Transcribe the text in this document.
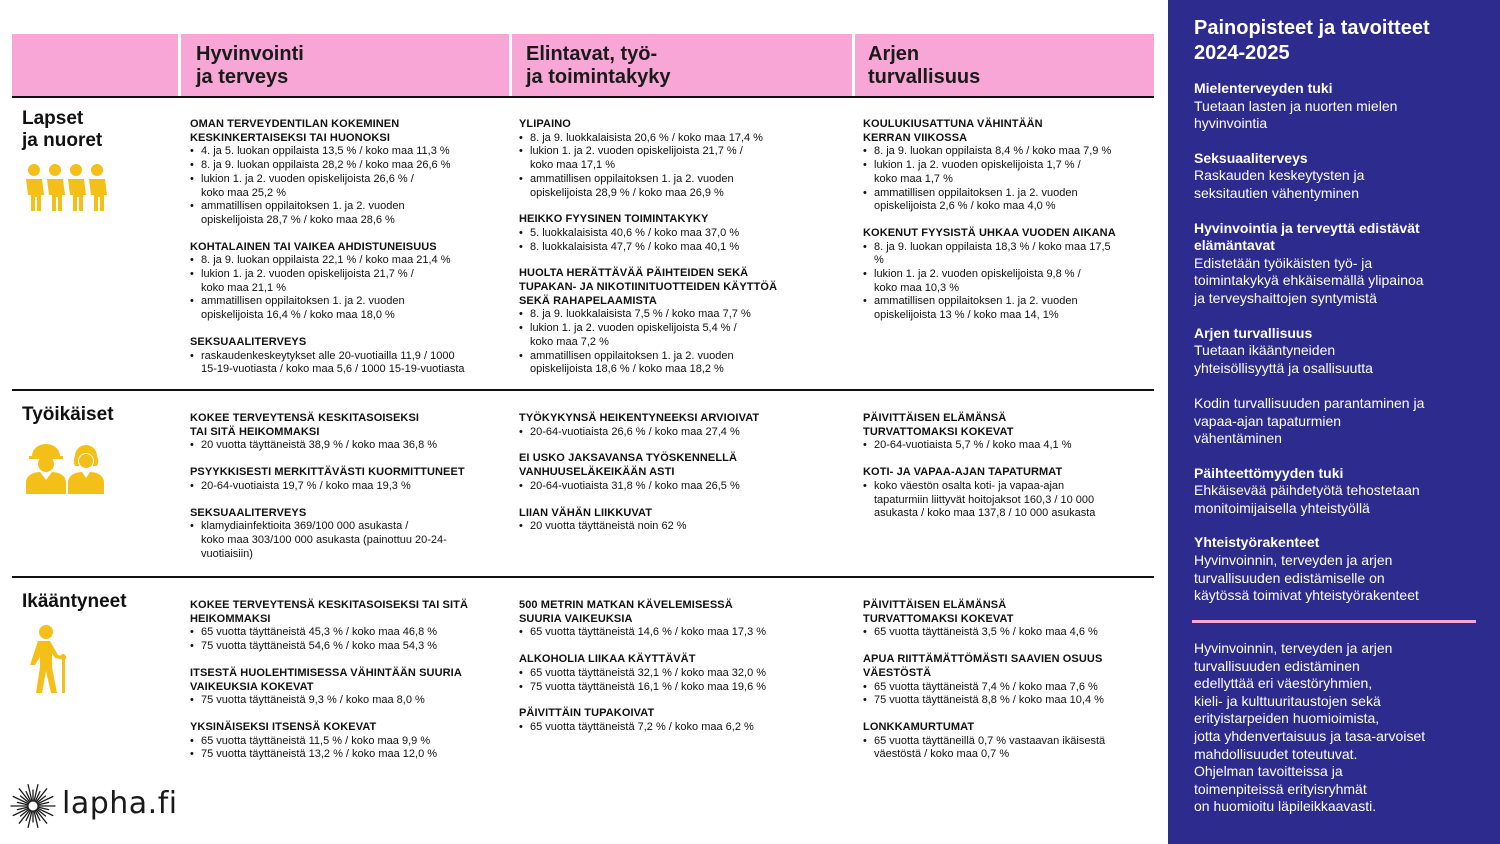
Hyvinvointi
ja terveys
Elintavat, työ-
ja toimintakyky
Arjen
turvallisuus
Lapset
ja nuoret
Työikäiset
Ikääntyneet
OMAN TERVEYDENTILAN KOKEMINEN
KESKINKERTAISEKSI TAI HUONOKSI
• 4. ja 5. luokan oppilaista 13,5 % / koko maa 11,3 %
• 8. ja 9. luokan oppilaista 28,2 % / koko maa 26,6 %
• lukion 1. ja 2. vuoden opiskelijoista 26,6 % /
koko maa 25,2 %
• ammatillisen oppilaitoksen 1. ja 2. vuoden
opiskelijoista 28,7 % / koko maa 28,6 %
KOHTALAINEN TAI VAIKEA AHDISTUNEISUUS
• 8. ja 9. luokan oppilaista 22,1 % / koko maa 21,4 %
• lukion 1. ja 2. vuoden opiskelijoista 21,7 % /
koko maa 21,1 %
• ammatillisen oppilaitoksen 1. ja 2. vuoden
opiskelijoista 16,4 % / koko maa 18,0 %
SEKSUAALITERVEYS
• raskaudenkeskeytykset alle 20-vuotiailla 11,9 / 1000
15-19-vuotiasta / koko maa 5,6 / 1000 15-19-vuotiasta
YLIPAINO
• 8. ja 9. luokkalaisista 20,6 % / koko maa 17,4 %
• lukion 1. ja 2. vuoden opiskelijoista 21,7 % /
koko maa 17,1 %
• ammatillisen oppilaitoksen 1. ja 2. vuoden
opiskelijoista 28,9 % / koko maa 26,9 %
HEIKKO FYYSINEN TOIMINTAKYKY
• 5. luokkalaisista 40,6 % / koko maa 37,0 %
• 8. luokkalaisista 47,7 % / koko maa 40,1 %
HUOLTA HERÄTTÄVÄÄ PÄIHTEIDEN SEKÄ
TUPAKAN- JA NIKOTIINITUOTTEIDEN KÄYTTÖÄ
SEKÄ RAHAPELAAMISTA
• 8. ja 9. luokkalaisista 7,5 % / koko maa 7,7 %
• lukion 1. ja 2. vuoden opiskelijoista 5,4 % /
koko maa 7,2 %
• ammatillisen oppilaitoksen 1. ja 2. vuoden
opiskelijoista 18,6 % / koko maa 18,2 %
KOULUKIUSATTUNA VÄHINTÄÄN
KERRAN VIIKOSSA
• 8. ja 9. luokan oppilaista 8,4 % / koko maa 7,9 %
• lukion 1. ja 2. vuoden opiskelijoista 1,7 % /
koko maa 1,7 %
• ammatillisen oppilaitoksen 1. ja 2. vuoden
opiskelijoista 2,6 % / koko maa 4,0 %
KOKENUT FYYSISTÄ UHKAA VUODEN AIKANA
• 8. ja 9. luokan oppilaista 18,3 % / koko maa 17,5
%
• lukion 1. ja 2. vuoden opiskelijoista 9,8 % /
koko maa 10,3 %
• ammatillisen oppilaitoksen 1. ja 2. vuoden
opiskelijoista 13 % / koko maa 14, 1%
KOKEE TERVEYTENSÄ KESKITASOISEKSI
TAI SITÄ HEIKOMMAKSI
• 20 vuotta täyttäneistä 38,9 % / koko maa 36,8 %
PSYYKKISESTI MERKITTÄVÄSTI KUORMITTUNEET
• 20-64-vuotiaista 19,7 % / koko maa 19,3 %
SEKSUAALITERVEYS
• klamydiainfektioita 369/100 000 asukasta /
koko maa 303/100 000 asukasta (painottuu 20-24-
vuotiaisiin)
TYÖKYKYNSÄ HEIKENTYNEEKSI ARVIOIVAT
• 20-64-vuotiaista 26,6 % / koko maa 27,4 %
EI USKO JAKSAVANSA TYÖSKENNELLÄ
VANHUUSELÄKEIKÄÄN ASTI
• 20-64-vuotiaista 31,8 % / koko maa 26,5 %
LIIAN VÄHÄN LIIKKUVAT
• 20 vuotta täyttäneistä noin 62 %
PÄIVITTÄISEN ELÄMÄNSÄ
TURVATTOMAKSI KOKEVAT
• 20-64-vuotiaista 5,7 % / koko maa 4,1 %
KOTI- JA VAPAA-AJAN TAPATURMAT
• koko väestön osalta koti- ja vapaa-ajan
tapaturmiin liittyvät hoitojaksot 160,3 / 10 000
asukasta / koko maa 137,8 / 10 000 asukasta
KOKEE TERVEYTENSÄ KESKITASOISEKSI TAI SITÄ
HEIKOMMAKSI
• 65 vuotta täyttäneistä 45,3 % / koko maa 46,8 %
• 75 vuotta täyttäneistä 54,6 % / koko maa 54,3 %
ITSESTÄ HUOLEHTIMISESSA VÄHINTÄÄN SUURIA
VAIKEUKSIA KOKEVAT
• 75 vuotta täyttäneistä 9,3 % / koko maa 8,0 %
YKSINÄISEKSI ITSENSÄ KOKEVAT
• 65 vuotta täyttäneistä 11,5 % / koko maa 9,9 %
• 75 vuotta täyttäneistä 13,2 % / koko maa 12,0 %
500 METRIN MATKAN KÄVELEMISESSÄ
SUURIA VAIKEUKSIA
• 65 vuotta täyttäneistä 14,6 % / koko maa 17,3 %
ALKOHOLIA LIIKAA KÄYTTÄVÄT
• 65 vuotta täyttäneistä 32,1 % / koko maa 32,0 %
• 75 vuotta täyttäneistä 16,1 % / koko maa 19,6 %
PÄIVITTÄIN TUPAKOIVAT
• 65 vuotta täyttäneistä 7,2 % / koko maa 6,2 %
PÄIVITTÄISEN ELÄMÄNSÄ
TURVATTOMAKSI KOKEVAT
• 65 vuotta täyttäneistä 3,5 % / koko maa 4,6 %
APUA RIITTÄMÄTTÖMÄSTI SAAVIEN OSUUS
VÄESTÖSTÄ
• 65 vuotta täyttäneistä 7,4 % / koko maa 7,6 %
• 75 vuotta täyttäneistä 8,8 % / koko maa 10,4 %
LONKKAMURTUMAT
• 65 vuotta täyttäneillä 0,7 % vastaavan ikäisestä
väestöstä / koko maa 0,7 %
lapha.fi
Painopisteet ja tavoitteet
2024-2025
Mielenterveyden tuki
Tuetaan lasten ja nuorten mielen
hyvinvointia
Seksuaaliterveys
Raskauden keskeytysten ja
seksitautien vähentyminen
Hyvinvointia ja terveyttä edistävät
elämäntavat
Edistetään työikäisten työ- ja
toimintakykyä ehkäisemällä ylipainoa
ja terveyshaittojen syntymistä
Arjen turvallisuus
Tuetaan ikääntyneiden
yhteisöllisyyttä ja osallisuutta

Kodin turvallisuuden parantaminen ja
vapaa-ajan tapaturmien
vähentäminen
Päihteettömyyden tuki
Ehkäisevää päihdetyötä tehostetaan
monitoimijaisella yhteistyöllä
Yhteistyörakenteet
Hyvinvoinnin, terveyden ja arjen
turvallisuuden edistämiselle on
käytössä toimivat yhteistyörakenteet
Hyvinvoinnin, terveyden ja arjen
turvallisuuden edistäminen
edellyttää eri väestöryhmien,
kieli- ja kulttuuritaustojen sekä
erityistarpeiden huomioimista,
jotta yhdenvertaisuus ja tasa-arvoiset
mahdollisuudet toteutuvat.
Ohjelman tavoitteissa ja
toimenpiteissä erityisryhmät
on huomioitu läpileikkaavasti.
